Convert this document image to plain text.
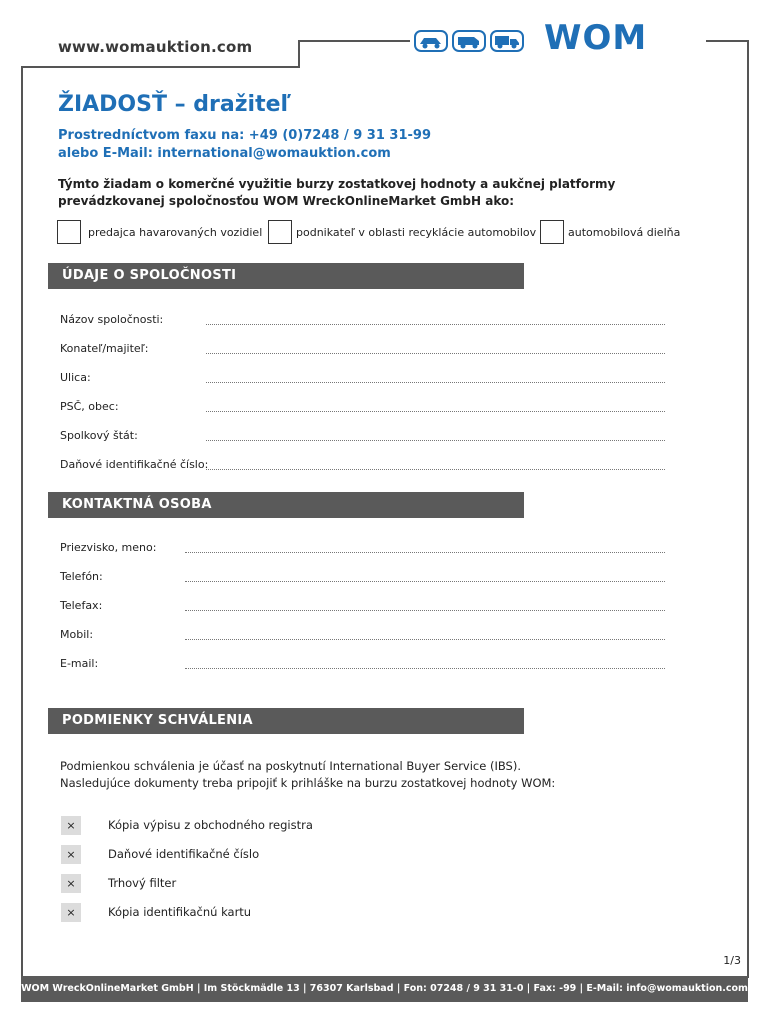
www.womauktion.com	WOM
ŽIADOSŤ – dražiteľ
Prostredníctvom faxu na: +49 (0)7248 / 9 31 31-99
alebo E-Mail: international@womauktion.com
Týmto žiadam o komerčné využitie burzy zostatkovej hodnoty a aukčnej platformy prevádzkovanej spoločnosťou WOM WreckOnlineMarket GmbH ako:
predajca havarovaných vozidiel	podnikateľ v oblasti recyklácie automobilov	automobilová dielňa
ÚDAJE O SPOLOČNOSTI
Názov spoločnosti:
Konateľ/majiteľ:
Ulica:
PSČ, obec:
Spolkový štát:
Daňové identifikačné číslo:
KONTAKTNÁ OSOBA
Priezvisko, meno:
Telefón:
Telefax:
Mobil:
E-mail:
PODMIENKY SCHVÁLENIA
Podmienkou schválenia je účasť na poskytnutí International Buyer Service (IBS).
Nasledujúce dokumenty treba pripojiť k prihláške na burzu zostatkovej hodnoty WOM:
×	Kópia výpisu z obchodného registra
×	Daňové identifikačné číslo
×	Trhový filter
×	Kópia identifikačnú kartu
1/3
WOM WreckOnlineMarket GmbH | Im Stöckmädle 13 | 76307 Karlsbad | Fon: 07248 / 9 31 31-0 | Fax: -99 | E-Mail: info@womauktion.com
